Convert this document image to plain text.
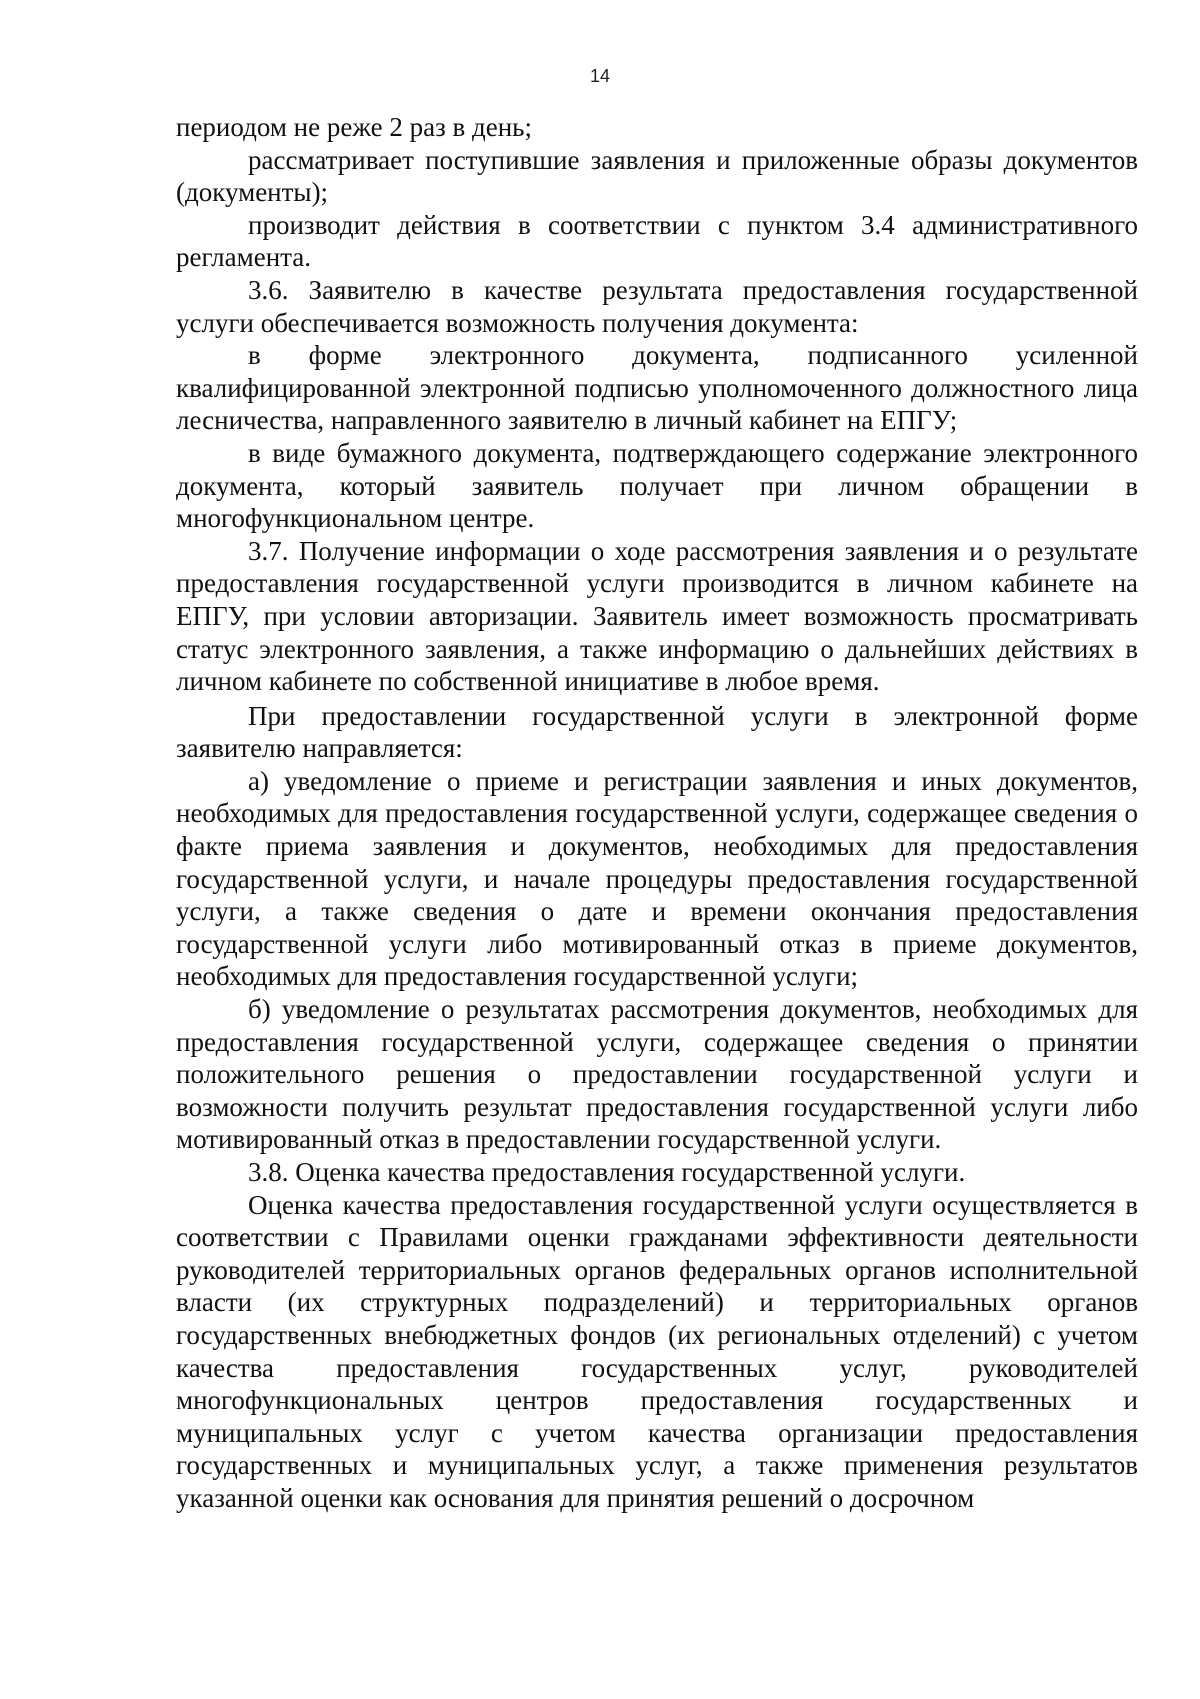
14

периодом не реже 2 раз в день;

рассматривает поступившие заявления и приложенные образы документов (документы);

производит действия в соответствии с пунктом 3.4 административного регламента.

3.6. Заявителю в качестве результата предоставления государственной услуги обеспечивается возможность получения документа:

в форме электронного документа, подписанного усиленной квалифицированной электронной подписью уполномоченного должностного лица лесничества, направленного заявителю в личный кабинет на ЕПГУ;

в виде бумажного документа, подтверждающего содержание электронного документа, который заявитель получает при личном обращении в многофункциональном центре.

3.7. Получение информации о ходе рассмотрения заявления и о результате предоставления государственной услуги производится в личном кабинете на ЕПГУ, при условии авторизации. Заявитель имеет возможность просматривать статус электронного заявления, а также информацию о дальнейших действиях в личном кабинете по собственной инициативе в любое время.

При предоставлении государственной услуги в электронной форме заявителю направляется:

а) уведомление о приеме и регистрации заявления и иных документов, необходимых для предоставления государственной услуги, содержащее сведения о факте приема заявления и документов, необходимых для предоставления государственной услуги, и начале процедуры предоставления государственной услуги, а также сведения о дате и времени окончания предоставления государственной услуги либо мотивированный отказ в приеме документов, необходимых для предоставления государственной услуги;

б) уведомление о результатах рассмотрения документов, необходимых для предоставления государственной услуги, содержащее сведения о принятии положительного решения о предоставлении государственной услуги и возможности получить результат предоставления государственной услуги либо мотивированный отказ в предоставлении государственной услуги.

3.8. Оценка качества предоставления государственной услуги.

Оценка качества предоставления государственной услуги осуществляется в соответствии с Правилами оценки гражданами эффективности деятельности руководителей территориальных органов федеральных органов исполнительной власти (их структурных подразделений) и территориальных органов государственных внебюджетных фондов (их региональных отделений) с учетом качества предоставления государственных услуг, руководителей многофункциональных центров предоставления государственных и муниципальных услуг с учетом качества организации предоставления государственных и муниципальных услуг, а также применения результатов указанной оценки как основания для принятия решений о досрочном
